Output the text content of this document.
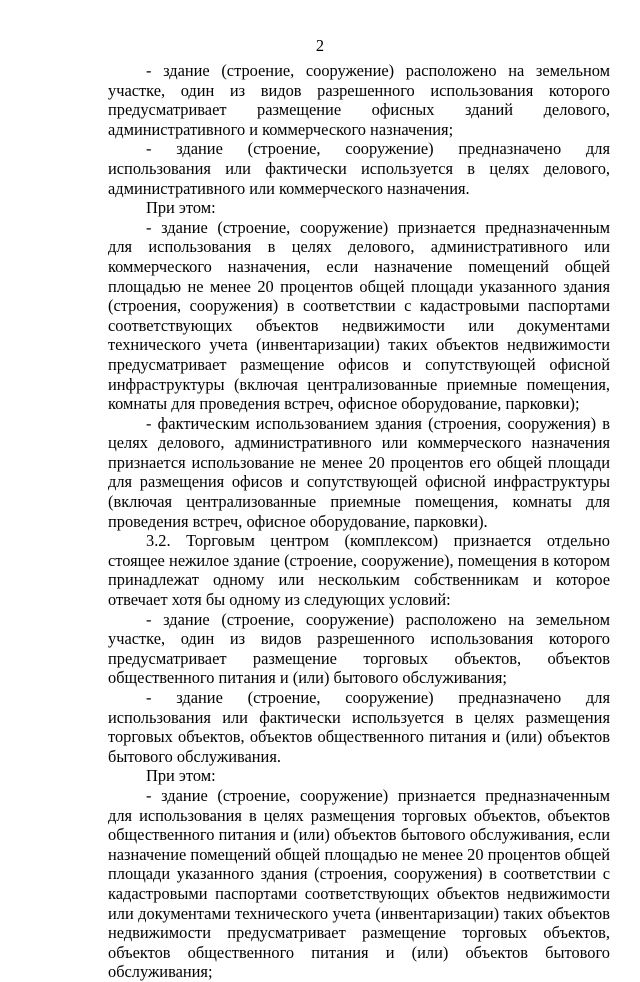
2

- здание (строение, сооружение) расположено на земельном участке, один из видов разрешенного использования которого предусматривает размещение офисных зданий делового, административного и коммерческого назначения;

- здание (строение, сооружение) предназначено для использования или фактически используется в целях делового, административного или коммерческого назначения.

При этом:

- здание (строение, сооружение) признается предназначенным для использования в целях делового, административного или коммерческого назначения, если назначение помещений общей площадью не менее 20 процентов общей площади указанного здания (строения, сооружения) в соответствии с кадастровыми паспортами соответствующих объектов недвижимости или документами технического учета (инвентаризации) таких объектов недвижимости предусматривает размещение офисов и сопутствующей офисной инфраструктуры (включая централизованные приемные помещения, комнаты для проведения встреч, офисное оборудование, парковки);

- фактическим использованием здания (строения, сооружения) в целях делового, административного или коммерческого назначения признается использование не менее 20 процентов его общей площади для размещения офисов и сопутствующей офисной инфраструктуры (включая централизованные приемные помещения, комнаты для проведения встреч, офисное оборудование, парковки).

3.2. Торговым центром (комплексом) признается отдельно стоящее нежилое здание (строение, сооружение), помещения в котором принадлежат одному или нескольким собственникам и которое отвечает хотя бы одному из следующих условий:

- здание (строение, сооружение) расположено на земельном участке, один из видов разрешенного использования которого предусматривает размещение торговых объектов, объектов общественного питания и (или) бытового обслуживания;

- здание (строение, сооружение) предназначено для использования или фактически используется в целях размещения торговых объектов, объектов общественного питания и (или) объектов бытового обслуживания.

При этом:

- здание (строение, сооружение) признается предназначенным для использования в целях размещения торговых объектов, объектов общественного питания и (или) объектов бытового обслуживания, если назначение помещений общей площадью не менее 20 процентов общей площади указанного здания (строения, сооружения) в соответствии с кадастровыми паспортами соответствующих объектов недвижимости или документами технического учета (инвентаризации) таких объектов недвижимости предусматривает размещение торговых объектов, объектов общественного питания и (или) объектов бытового обслуживания;
